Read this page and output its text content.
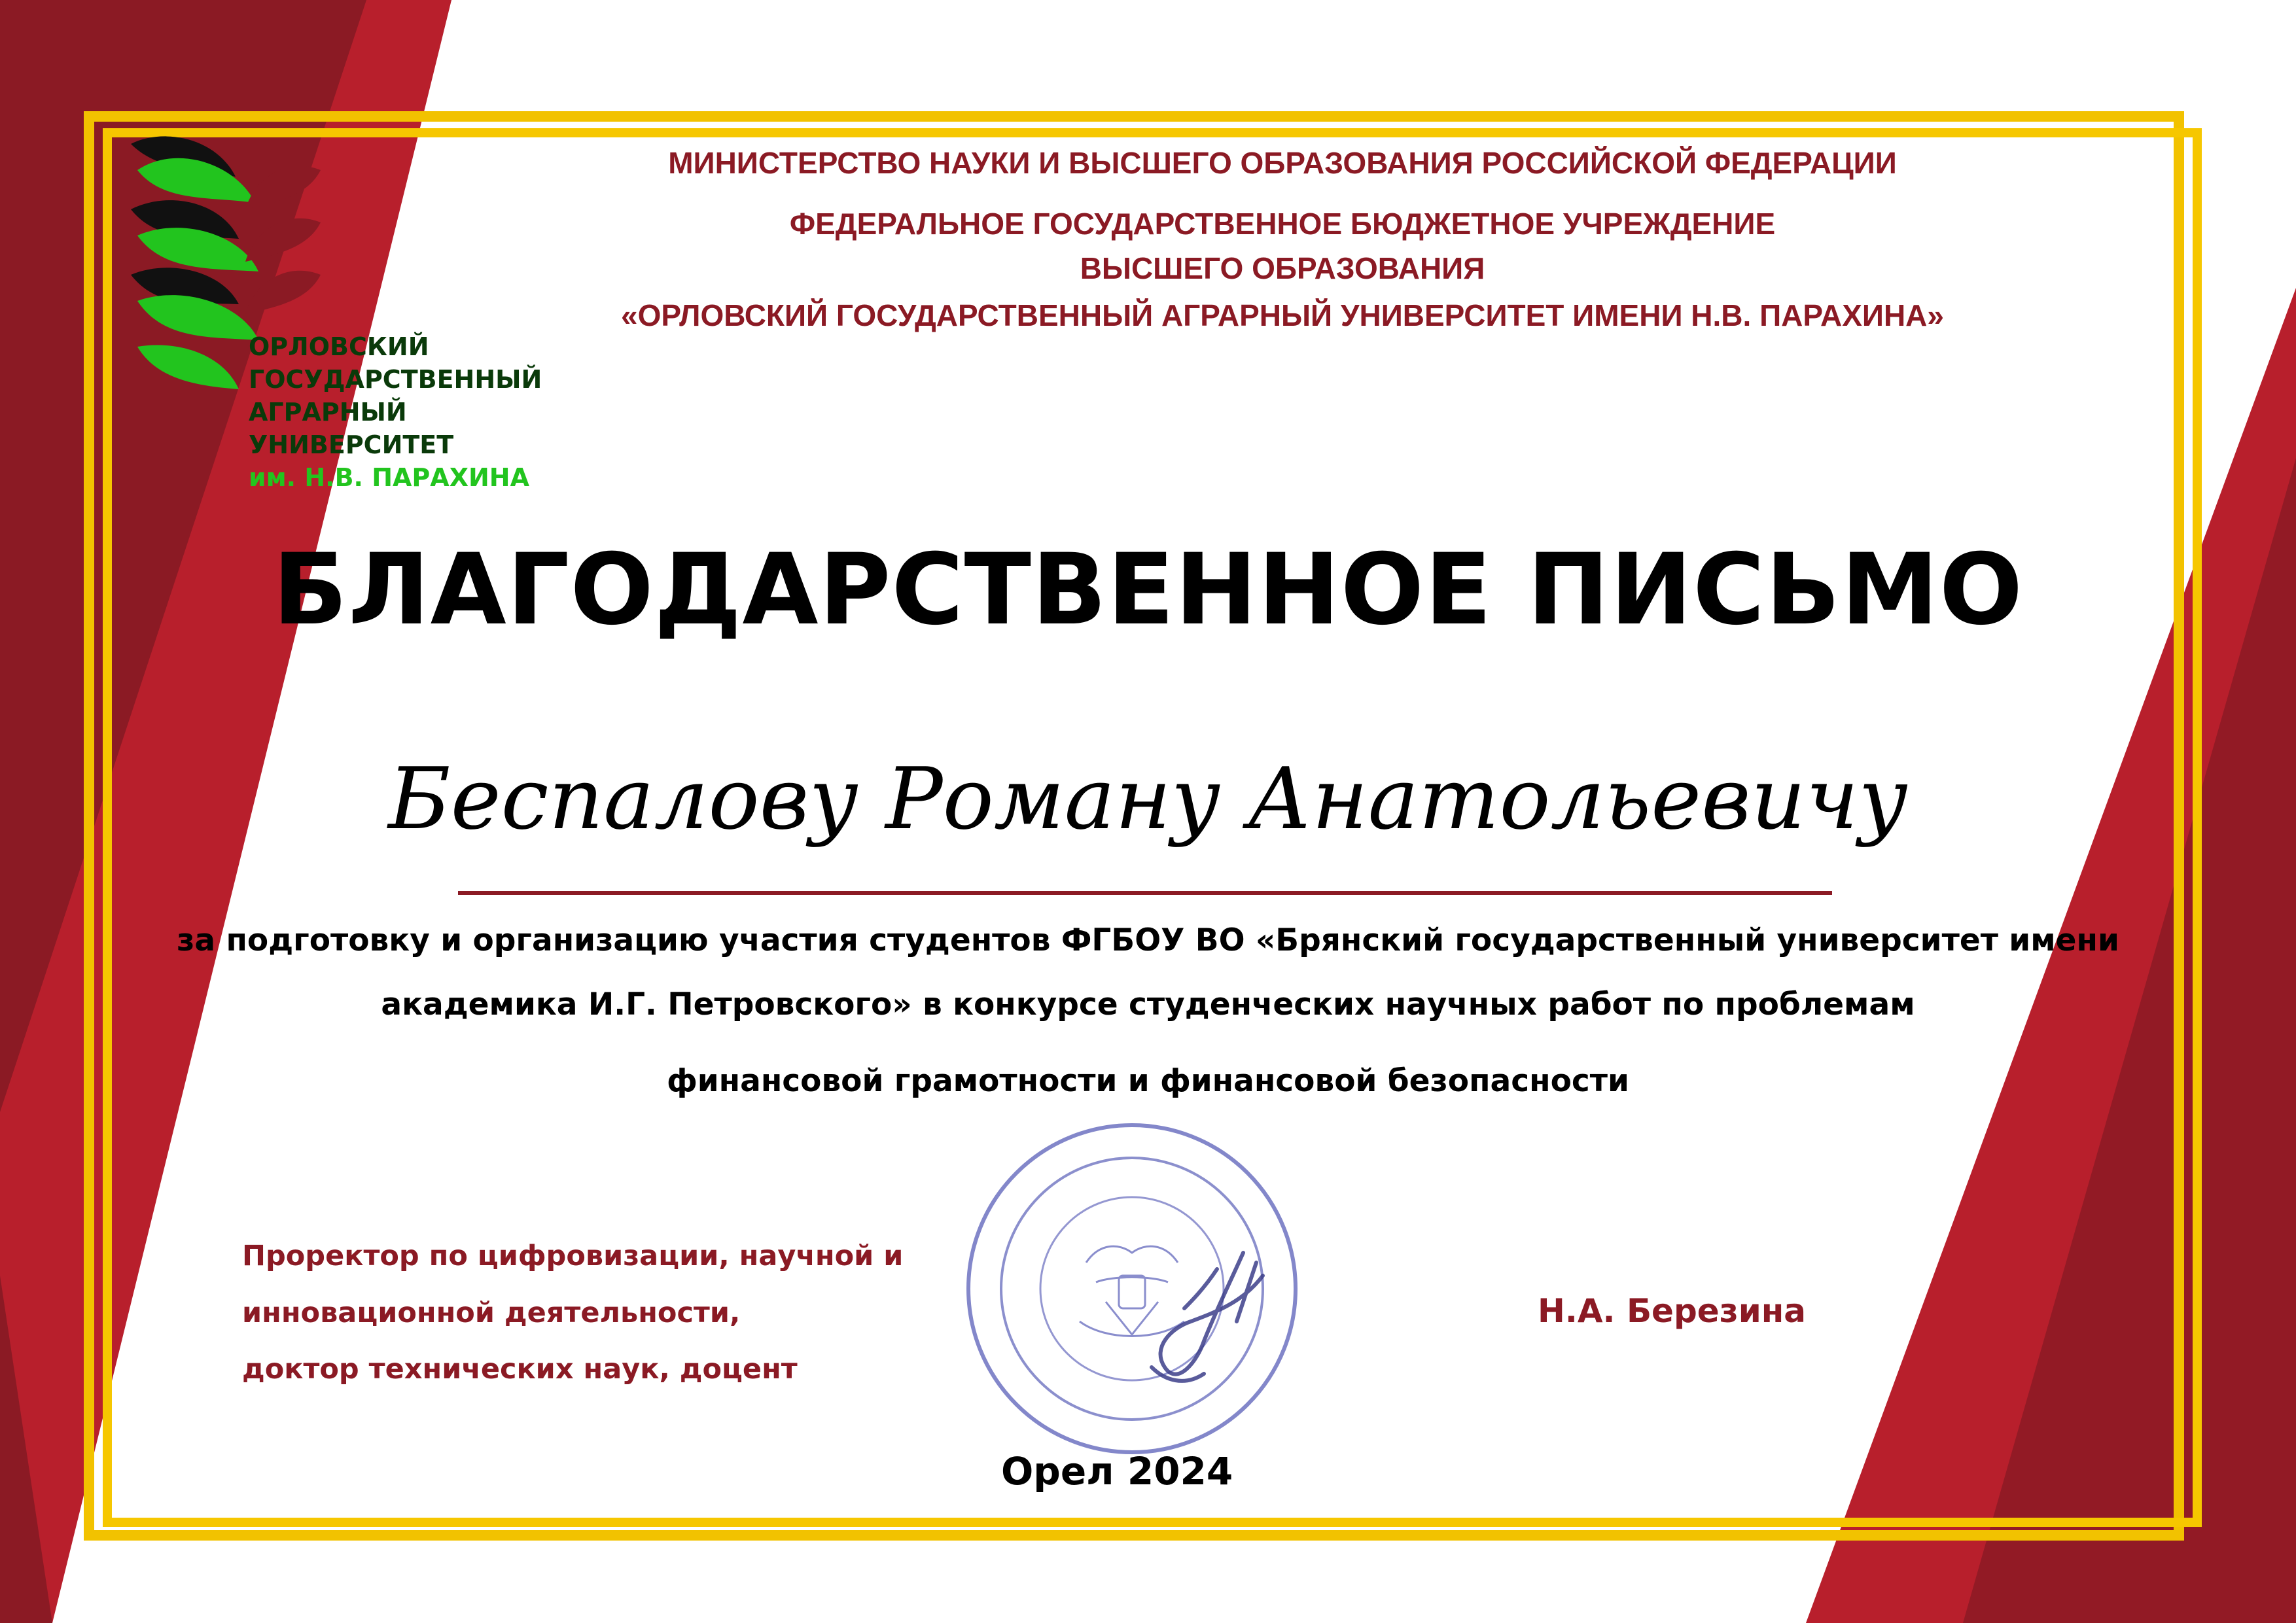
ОРЛОВСКИЙ
ГОСУДАРСТВЕННЫЙ
АГРАРНЫЙ
УНИВЕРСИТЕТ
им. Н.В. ПАРАХИНА
МИНИСТЕРСТВО НАУКИ И ВЫСШЕГО ОБРАЗОВАНИЯ РОССИЙСКОЙ ФЕДЕРАЦИИ
ФЕДЕРАЛЬНОЕ ГОСУДАРСТВЕННОЕ БЮДЖЕТНОЕ УЧРЕЖДЕНИЕ
ВЫСШЕГО ОБРАЗОВАНИЯ
«ОРЛОВСКИЙ ГОСУДАРСТВЕННЫЙ АГРАРНЫЙ УНИВЕРСИТЕТ ИМЕНИ Н.В. ПАРАХИНА»
БЛАГОДАРСТВЕННОЕ ПИСЬМО
Беспалову Роману Анатольевичу
за подготовку и организацию участия студентов ФГБОУ ВО «Брянский государственный университет имени
академика И.Г. Петровского» в конкурсе студенческих научных работ по проблемам
финансовой грамотности и финансовой безопасности
Проректор по цифровизации, научной и
инновационной деятельности,
доктор технических наук, доцент
Н.А. Березина
Орел 2024
